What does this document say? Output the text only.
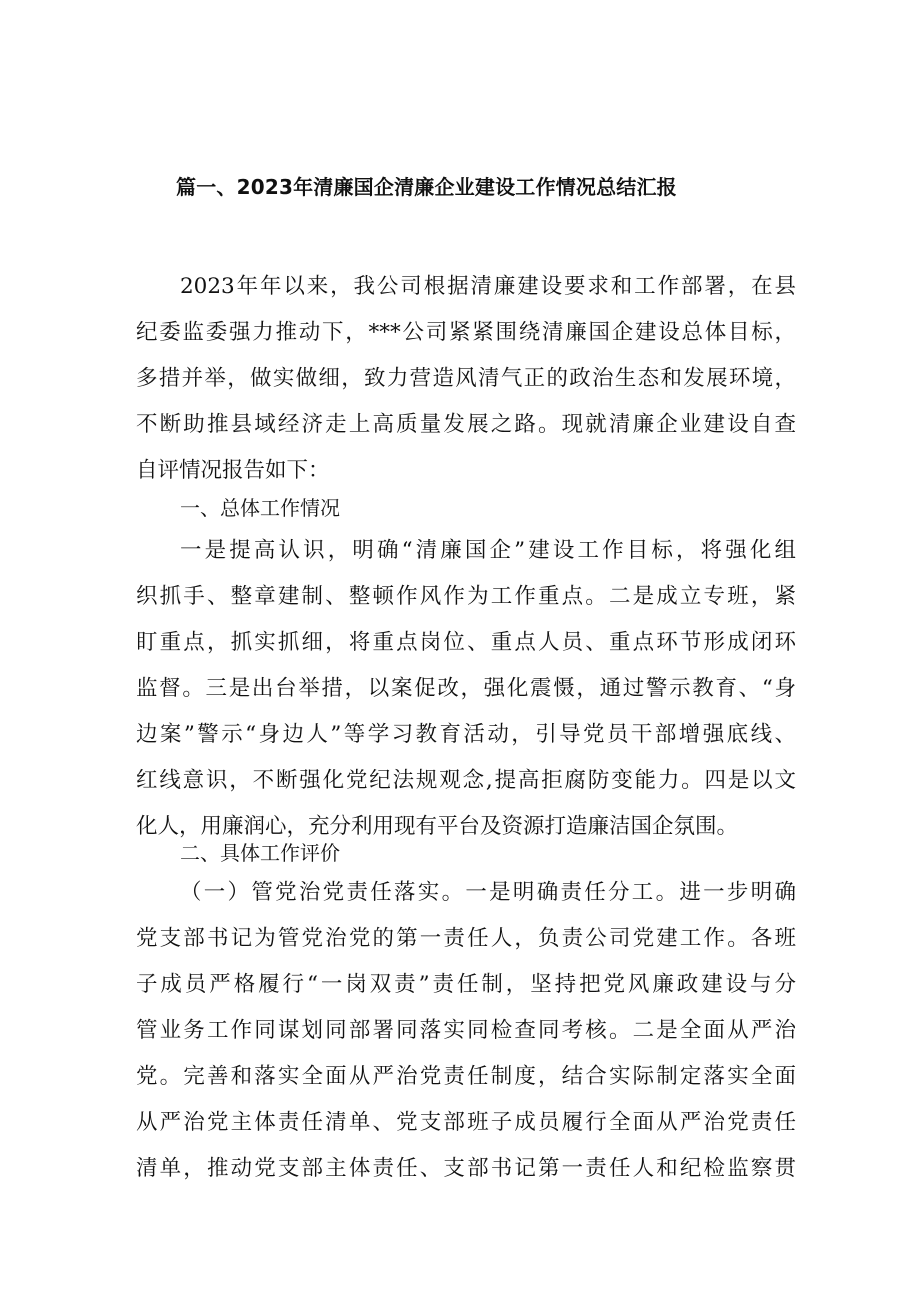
篇一、2023年清廉国企清廉企业建设工作情况总结汇报
2023年年以来，我公司根据清廉建设要求和工作部署，在县
纪委监委强力推动下，***公司紧紧围绕清廉国企建设总体目标，
多措并举，做实做细，致力营造风清气正的政治生态和发展环境，
不断助推县域经济走上高质量发展之路。现就清廉企业建设自查
自评情况报告如下：
一、总体工作情况
一是提高认识，明确“清廉国企”建设工作目标，将强化组
织抓手、整章建制、整顿作风作为工作重点。二是成立专班，紧
盯重点，抓实抓细，将重点岗位、重点人员、重点环节形成闭环
监督。三是出台举措，以案促改，强化震慑，通过警示教育、“身
边案”警示“身边人”等学习教育活动，引导党员干部增强底线、
红线意识，不断强化党纪法规观念,提高拒腐防变能力。四是以文
化人，用廉润心，充分利用现有平台及资源打造廉洁国企氛围。
二、具体工作评价
（一）管党治党责任落实。一是明确责任分工。进一步明确
党支部书记为管党治党的第一责任人，负责公司党建工作。各班
子成员严格履行“一岗双责”责任制，坚持把党风廉政建设与分
管业务工作同谋划同部署同落实同检查同考核。二是全面从严治
党。完善和落实全面从严治党责任制度，结合实际制定落实全面
从严治党主体责任清单、党支部班子成员履行全面从严治党责任
清单，推动党支部主体责任、支部书记第一责任人和纪检监察贯
